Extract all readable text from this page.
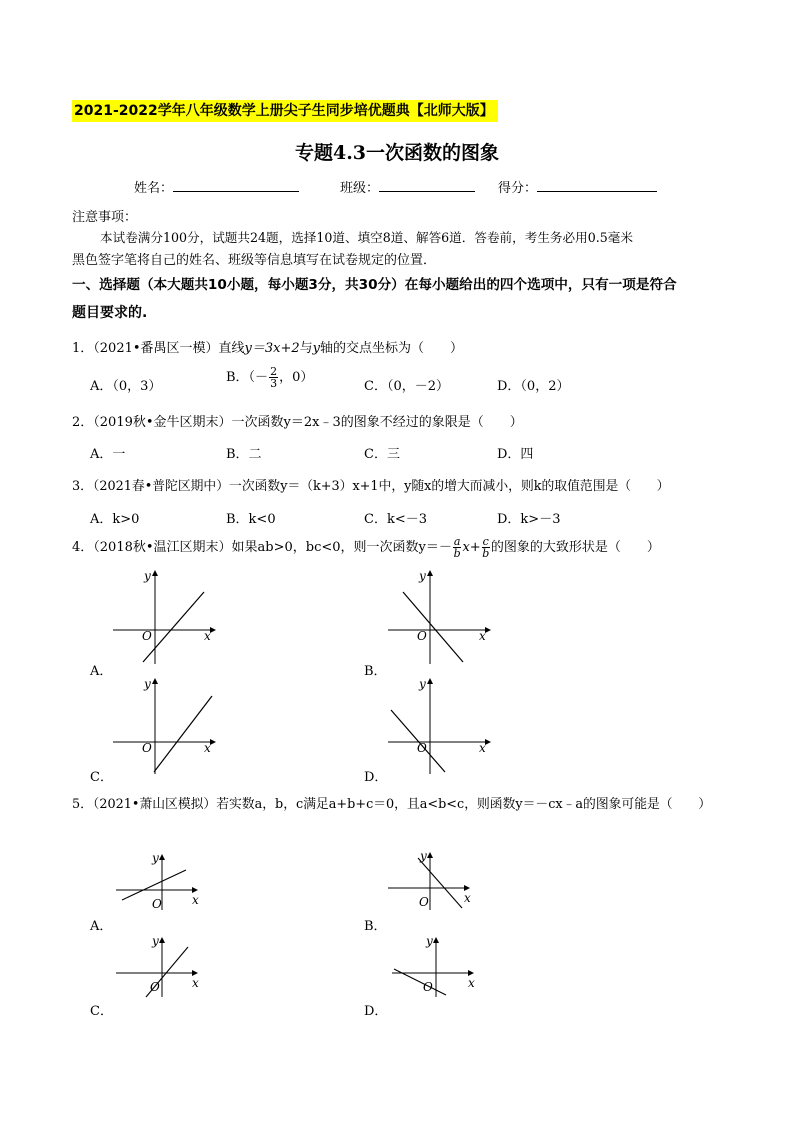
2021-2022学年八年级数学上册尖子生同步培优题典【北师大版】
专题4.3一次函数的图象
姓名：	班级：	得分：
注意事项：
本试卷满分100分，试题共24题，选择10道、填空8道、解答6道．答卷前，考生务必用0.5毫米
黑色签字笔将自己的姓名、班级等信息填写在试卷规定的位置．
一、选择题（本大题共10小题，每小题3分，共30分）在每小题给出的四个选项中，只有一项是符合
题目要求的.
1．（2021•番禺区一模）直线y＝3x+2与y轴的交点坐标为（　　）
A．（0，3）
B．（－ $\frac{2}{3}$ ，0）
C．（0，－2）	D．（0，2）
2．（2019秋•金牛区期末）一次函数y＝2x﹣3的图象不经过的象限是（　　）
A．一	B．二	C．三	D．四
3．（2021春•普陀区期中）一次函数y＝（k+3）x+1中，y随x的增大而减小，则k的取值范围是（　　）
A．k>0	B．k<0	C．k<－3	D．k>－3
4．（2018秋•温江区期末）如果ab>0，bc<0，则一次函数$y=- \frac{a}{b} x+ \frac{c}{b}$ 的图象的大致形状是（　　）
y
x
O
A．
y
x
O
B．
y
x
O
C．
y
x
O
D．
5．（2021•萧山区模拟）若实数a，b，c满足a+b+c＝0，且a<b<c，则函数y＝－cx﹣a的图象可能是（　　）
y
x
O
A．
y
x
O
B．
y
x
O
C．
y
x
O
D．
